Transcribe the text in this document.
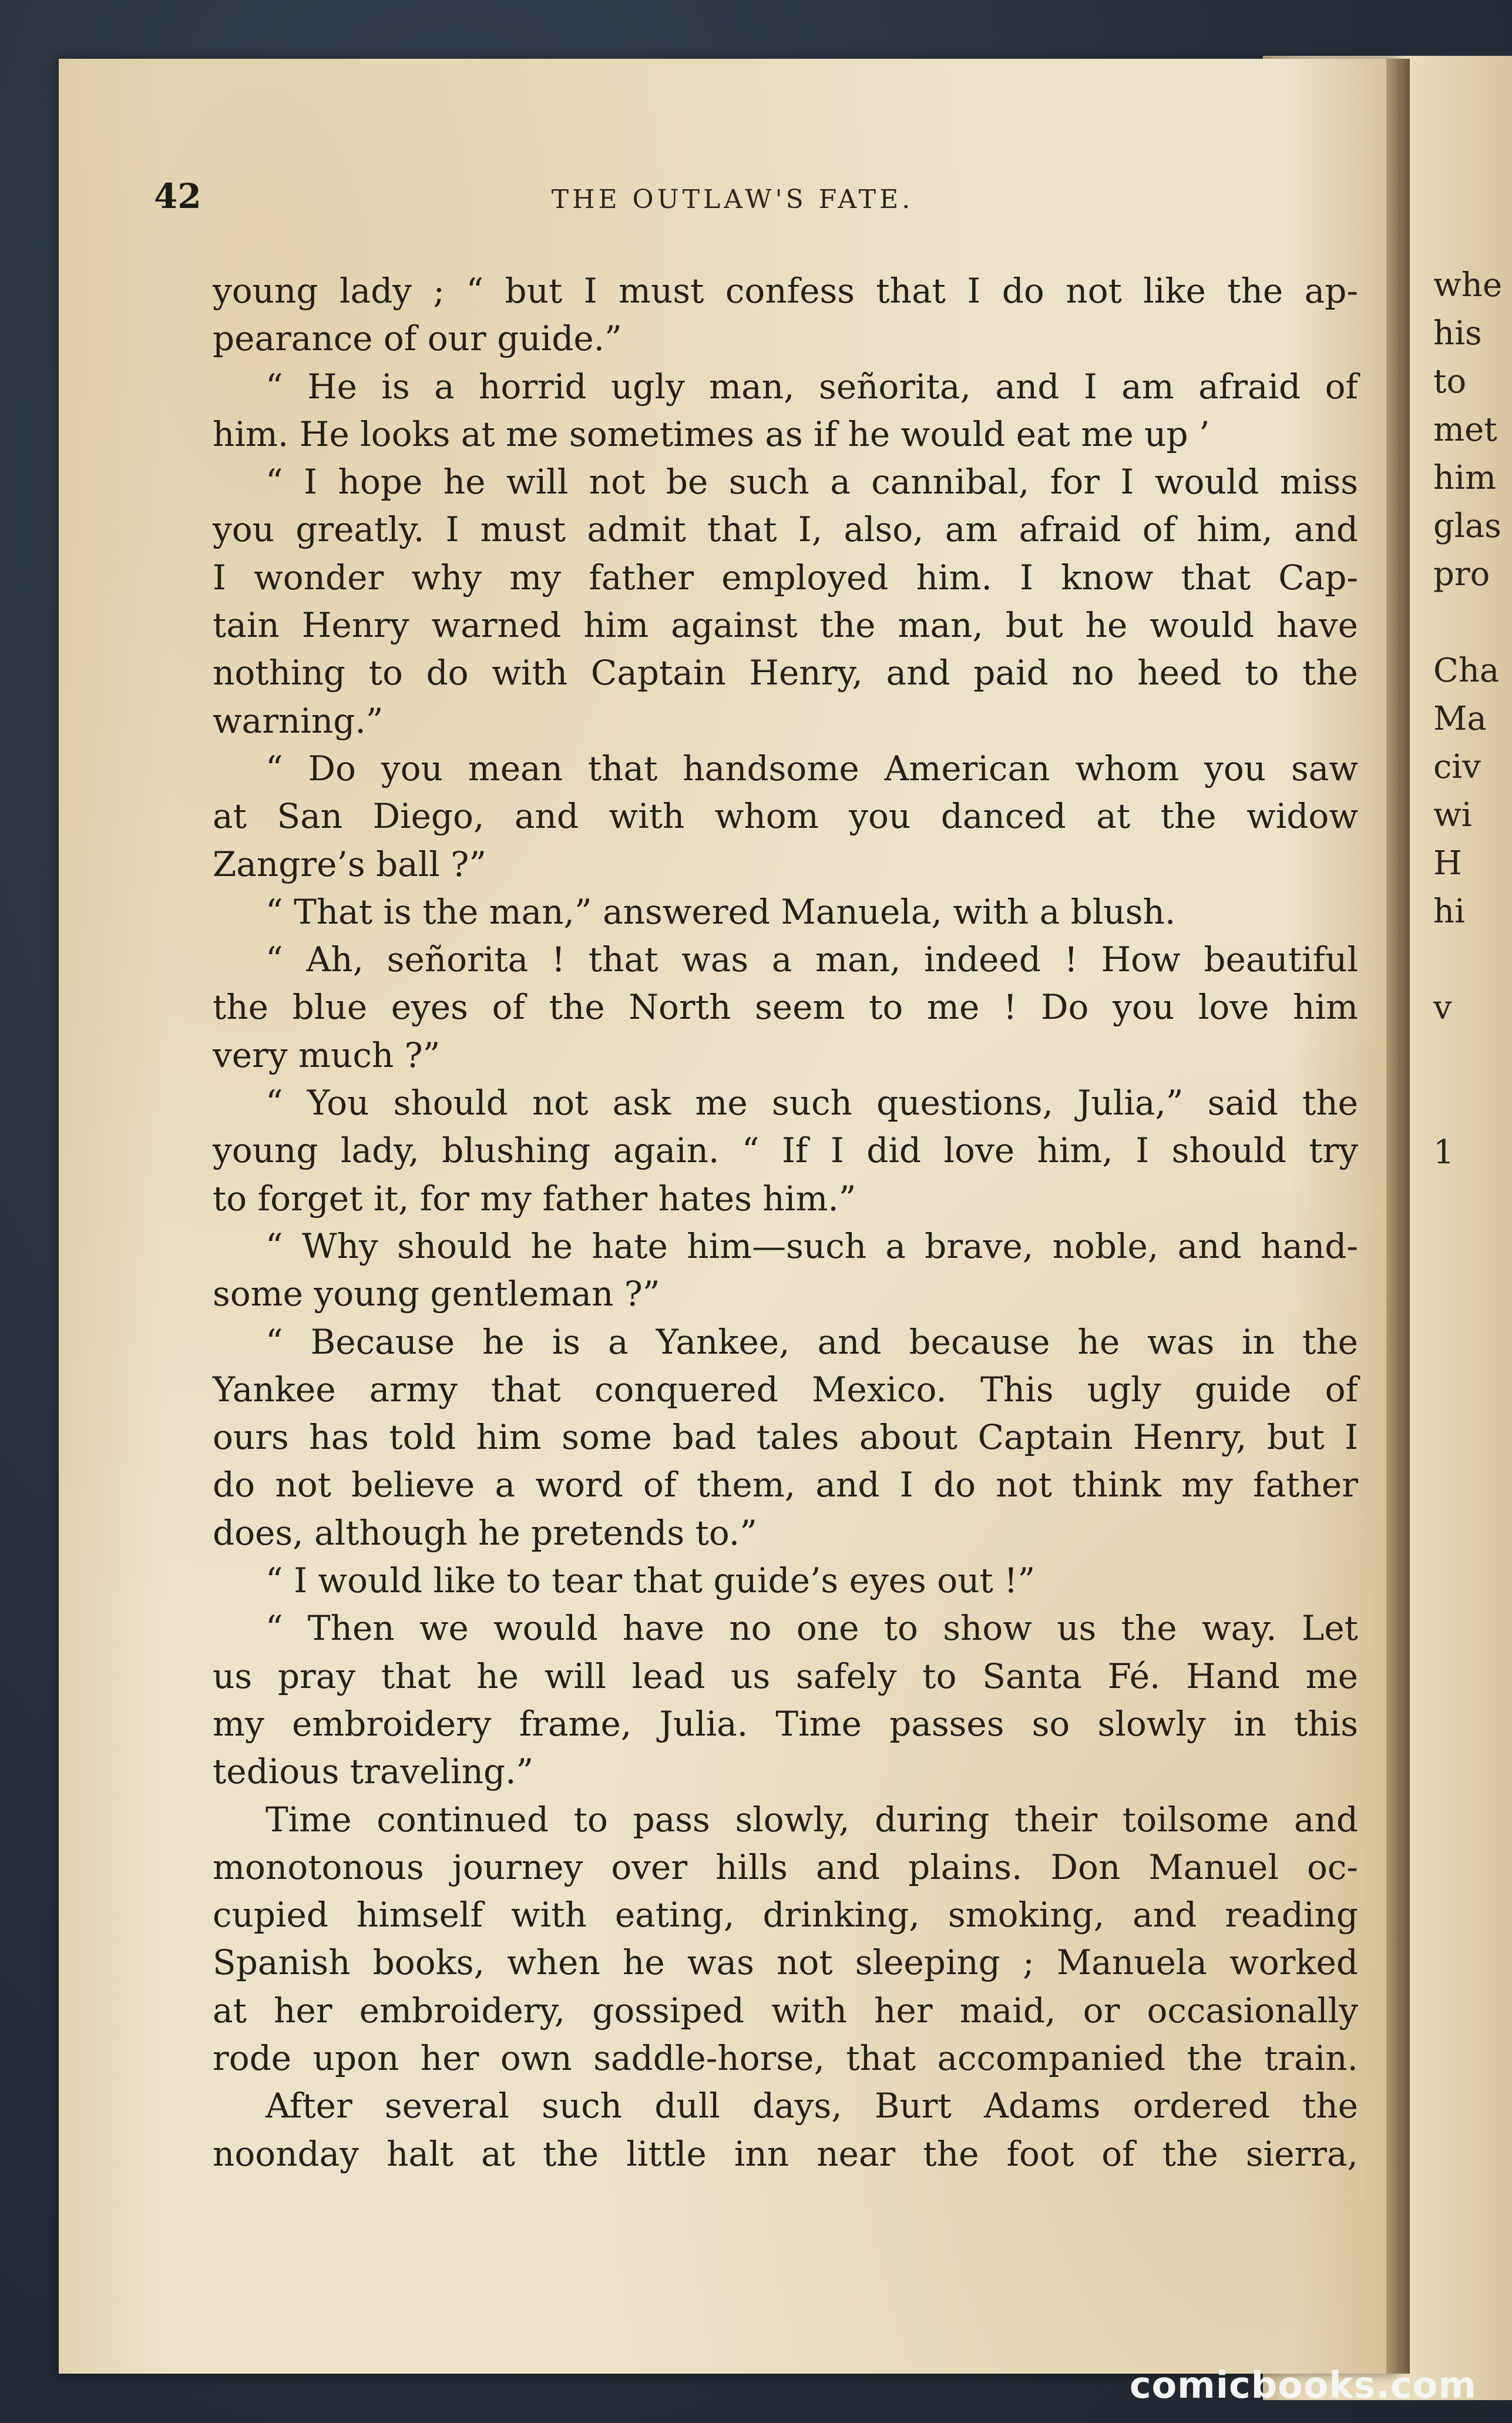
whe
his
to
met
him
glas
pro
Cha
Ma
civ
wi
H
hi
v
1
42	THE OUTLAW'S FATE.
young lady ; “ but I must confess that I do not like the ap-
pearance of our guide.”
“ He is a horrid ugly man, señorita, and I am afraid of
him. He looks at me sometimes as if he would eat me up ’
“ I hope he will not be such a cannibal, for I would miss
you greatly. I must admit that I, also, am afraid of him, and
I wonder why my father employed him. I know that Cap-
tain Henry warned him against the man, but he would have
nothing to do with Captain Henry, and paid no heed to the
warning.”
“ Do you mean that handsome American whom you saw
at San Diego, and with whom you danced at the widow
Zangre’s ball ?”
“ That is the man,” answered Manuela, with a blush.
“ Ah, señorita ! that was a man, indeed ! How beautiful
the blue eyes of the North seem to me ! Do you love him
very much ?”
“ You should not ask me such questions, Julia,” said the
young lady, blushing again. “ If I did love him, I should try
to forget it, for my father hates him.”
“ Why should he hate him—such a brave, noble, and hand-
some young gentleman ?”
“ Because he is a Yankee, and because he was in the
Yankee army that conquered Mexico. This ugly guide of
ours has told him some bad tales about Captain Henry, but I
do not believe a word of them, and I do not think my father
does, although he pretends to.”
“ I would like to tear that guide’s eyes out !”
“ Then we would have no one to show us the way. Let
us pray that he will lead us safely to Santa Fé. Hand me
my embroidery frame, Julia. Time passes so slowly in this
tedious traveling.”
Time continued to pass slowly, during their toilsome and
monotonous journey over hills and plains. Don Manuel oc-
cupied himself with eating, drinking, smoking, and reading
Spanish books, when he was not sleeping ; Manuela worked
at her embroidery, gossiped with her maid, or occasionally
rode upon her own saddle-horse, that accompanied the train.
After several such dull days, Burt Adams ordered the
noonday halt at the little inn near the foot of the sierra,
comicbooks.com
